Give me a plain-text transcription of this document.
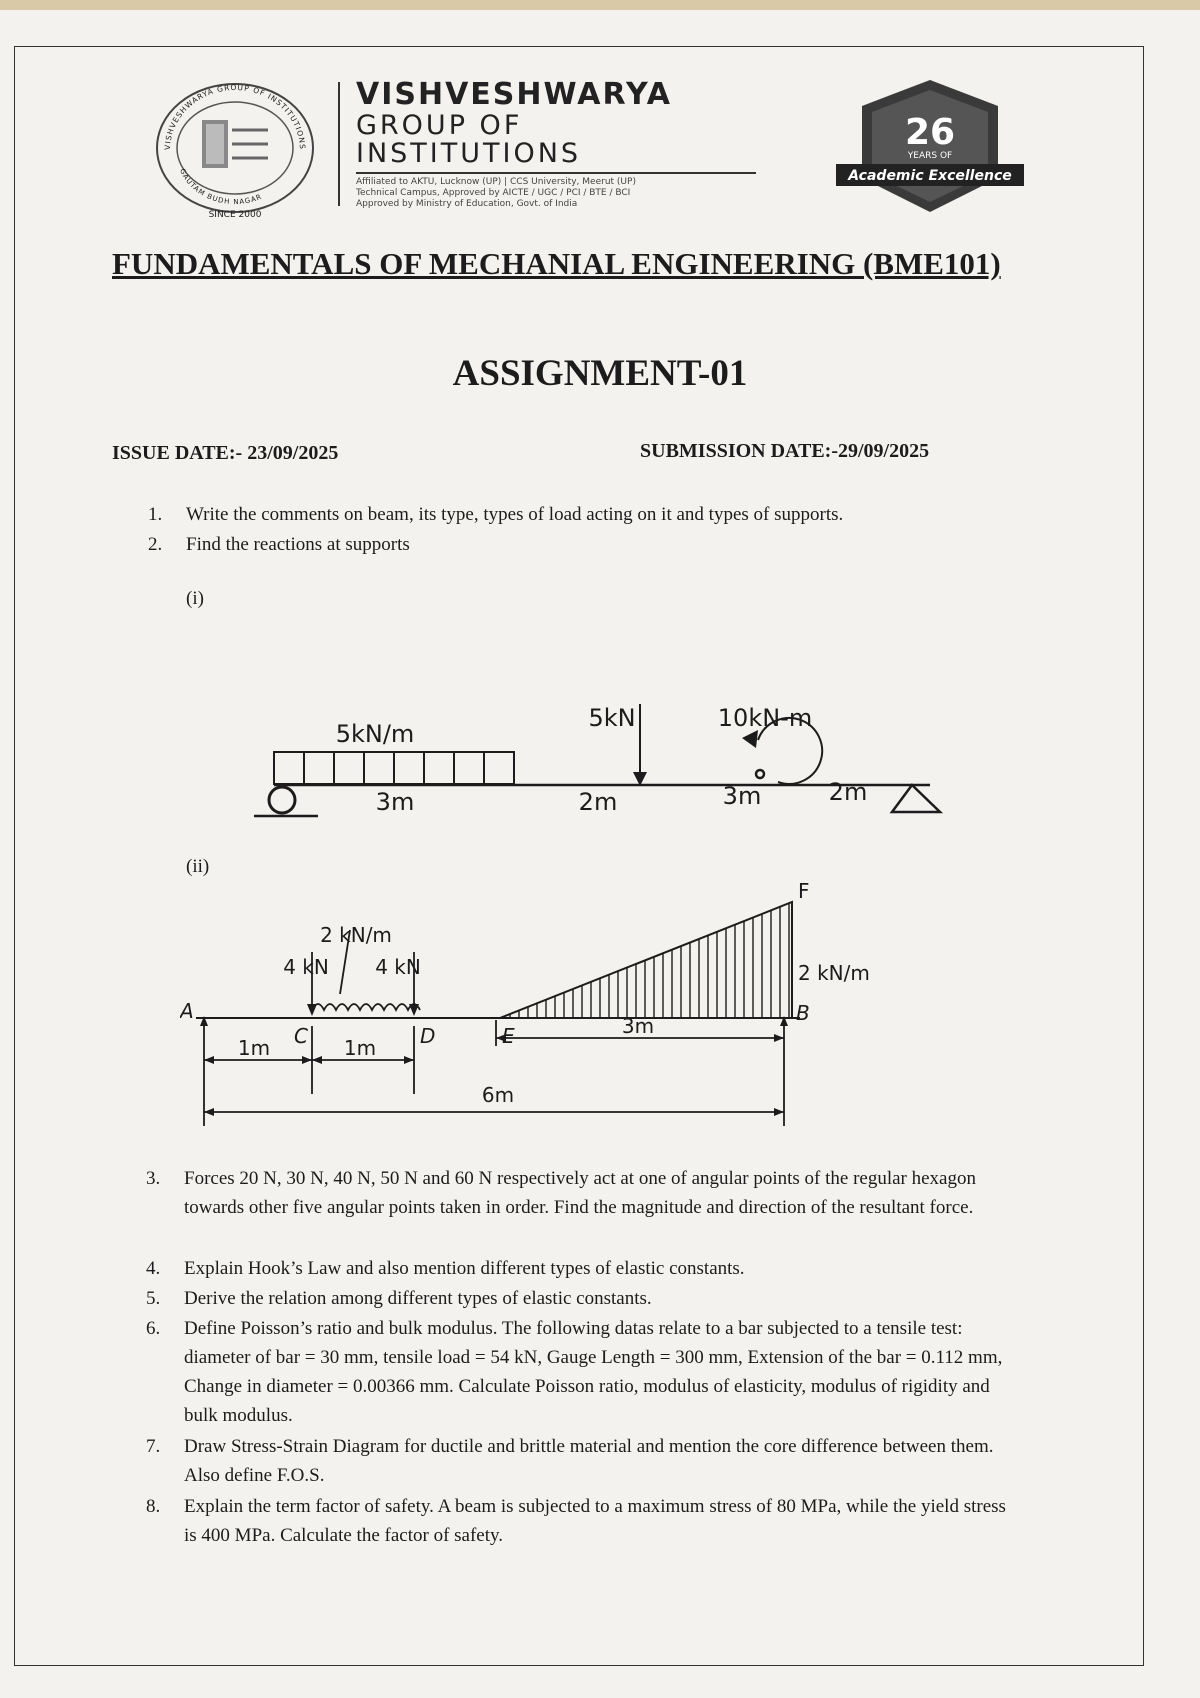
VISHVESHWARYA GROUP OF INSTITUTIONS
GAUTAM BUDH NAGAR
SINCE 2000
VISHVESHWARYA
GROUP OF
INSTITUTIONS
Affiliated to AKTU, Lucknow (UP) | CCS University, Meerut (UP)
Technical Campus, Approved by AICTE / UGC / PCI / BTE / BCI
Approved by Ministry of Education, Govt. of India
26
YEARS OF
Academic Excellence
FUNDAMENTALS OF MECHANIAL ENGINEERING (BME101)
ASSIGNMENT-01
ISSUE DATE:- 23/09/2025	SUBMISSION DATE:-29/09/2025
1.	Write the comments on beam, its type, types of load acting on it and types of supports.
2.	Find the reactions at supports
(i)
5kN/m
5kN	10kN-m
3m	2m	3m	2m
(ii)
2 kN/m
4 kN 4 kN
F
2 kN/m
A	B
C	D	E
1m	1m
3m
6m
3.	Forces 20 N, 30 N, 40 N, 50 N and 60 N respectively act at one of angular points of the regular hexagon towards other five angular points taken in order. Find the magnitude and direction of the resultant force.
4.	Explain Hook’s Law and also mention different types of elastic constants.
5.	Derive the relation among different types of elastic constants.
6.	Define Poisson’s ratio and bulk modulus. The following datas relate to a bar subjected to a tensile test: diameter of bar = 30 mm, tensile load = 54 kN, Gauge Length = 300 mm, Extension of the bar = 0.112 mm, Change in diameter = 0.00366 mm. Calculate Poisson ratio, modulus of elasticity, modulus of rigidity and bulk modulus.
7.	Draw Stress-Strain Diagram for ductile and brittle material and mention the core difference between them. Also define F.O.S.
8.	Explain the term factor of safety. A beam is subjected to a maximum stress of 80 MPa, while the yield stress is 400 MPa. Calculate the factor of safety.
